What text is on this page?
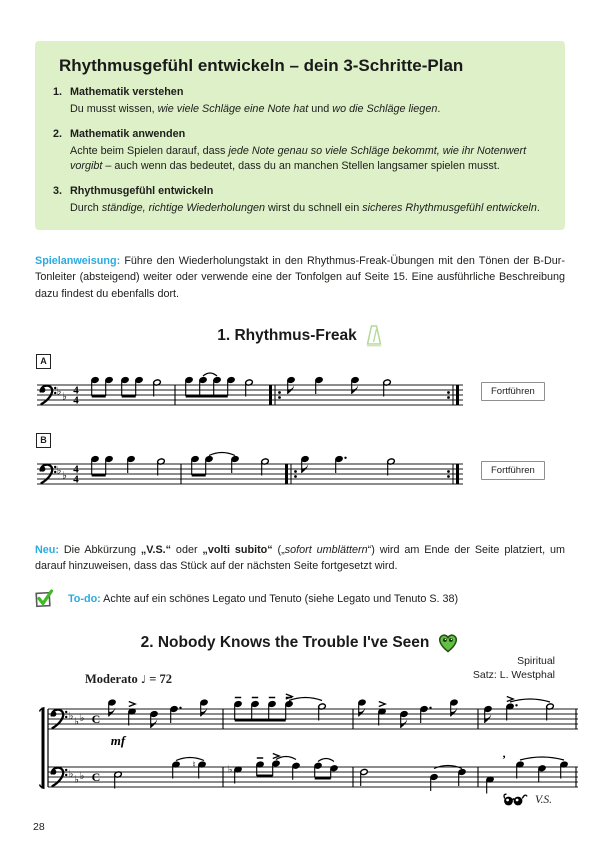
Rhythmusgefühl entwickeln – dein 3-Schritte-Plan
1. Mathematik verstehen
Du musst wissen, wie viele Schläge eine Note hat und wo die Schläge liegen.
2. Mathematik anwenden
Achte beim Spielen darauf, dass jede Note genau so viele Schläge bekommt, wie ihr Notenwert vorgibt – auch wenn das bedeutet, dass du an manchen Stellen langsamer spielen musst.
3. Rhythmusgefühl entwickeln
Durch ständige, richtige Wiederholungen wirst du schnell ein sicheres Rhythmusgefühl entwickeln.

Spielanweisung: Führe den Wiederholungstakt in den Rhythmus-Freak-Übungen mit den Tönen der B-Dur-Tonleiter (absteigend) weiter oder verwende eine der Tonfolgen auf Seite 15. Eine ausführliche Beschreibung dazu findest du ebenfalls dort.

1. Rhythmus-Freak
A
♭ ♭
4
4
Fortführen
B
♭ ♭
4
4
Fortführen

Neu: Die Abkürzung „V.S.“ oder „volti subito“ („sofort umblättern“) wird am Ende der Seite platziert, um darauf hinzuweisen, dass das Stück auf der nächsten Seite fortgesetzt wird.

To-do: Achte auf ein schönes Legato und Tenuto (siehe Legato und Tenuto S. 38)
2. Nobody Knows the Trouble I've Seen
Spiritual
Satz: L. Westphal
Moderato ♩ = 72
♭ ♭ ♭ C
mf
♭ ♭ ♭ C
♮	♭
’
V.S.
28
